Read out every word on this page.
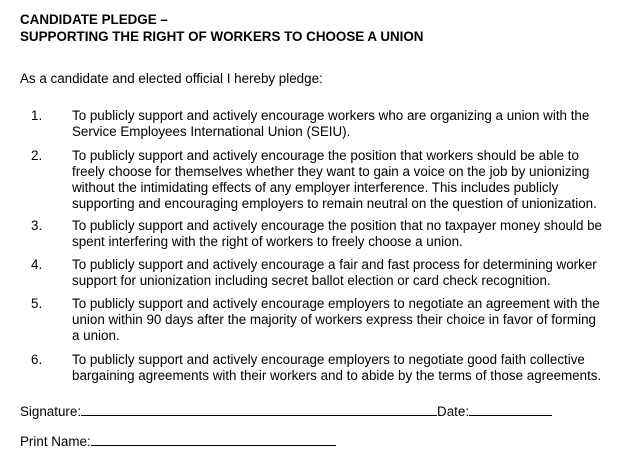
CANDIDATE PLEDGE –
SUPPORTING THE RIGHT OF WORKERS TO CHOOSE A UNION
As a candidate and elected official I hereby pledge:
1. To publicly support and actively encourage workers who are organizing a union with the
Service Employees International Union (SEIU).
2. To publicly support and actively encourage the position that workers should be able to
freely choose for themselves whether they want to gain a voice on the job by unionizing
without the intimidating effects of any employer interference. This includes publicly
supporting and encouraging employers to remain neutral on the question of unionization.
3. To publicly support and actively encourage the position that no taxpayer money should be
spent interfering with the right of workers to freely choose a union.
4. To publicly support and actively encourage a fair and fast process for determining worker
support for unionization including secret ballot election or card check recognition.
5. To publicly support and actively encourage employers to negotiate an agreement with the
union within 90 days after the majority of workers express their choice in favor of forming
a union.
6. To publicly support and actively encourage employers to negotiate good faith collective
bargaining agreements with their workers and to abide by the terms of those agreements.
Signature:	Date:
Print Name:
